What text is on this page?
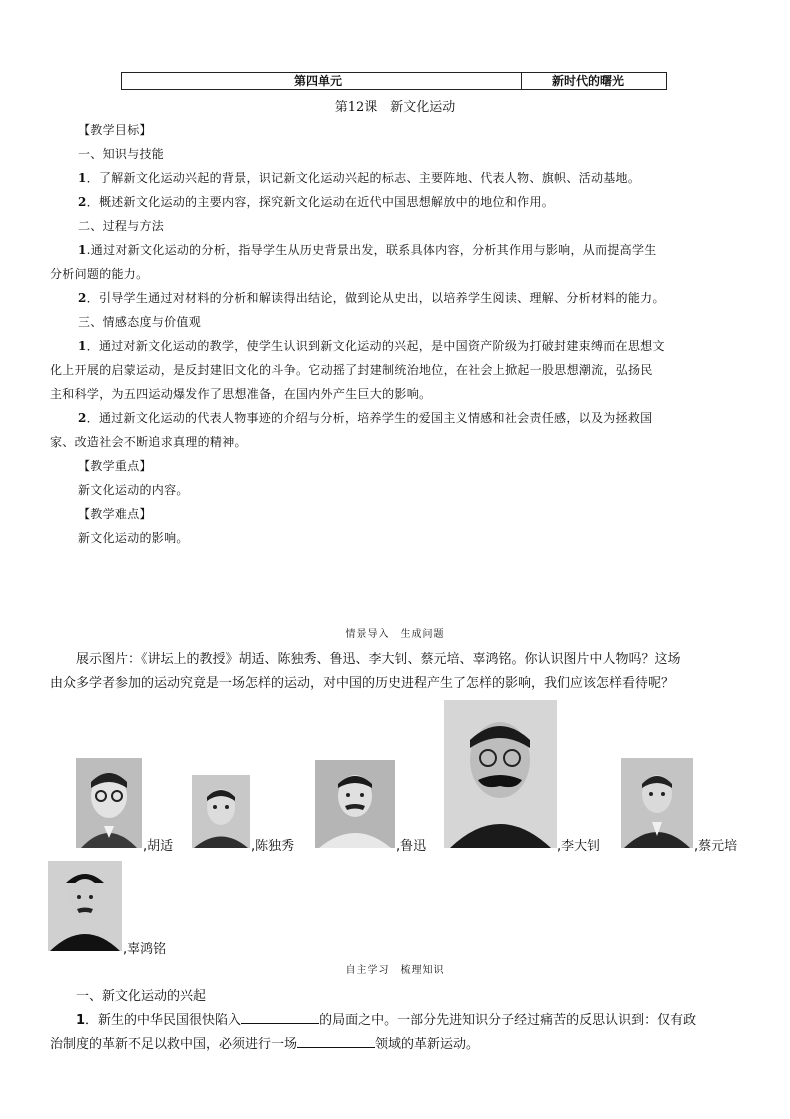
第四单元	新时代的曙光
第12课　新文化运动
【教学目标】
一、知识与技能
1．了解新文化运动兴起的背景，识记新文化运动兴起的标志、主要阵地、代表人物、旗帜、活动基地。
2．概述新文化运动的主要内容，探究新文化运动在近代中国思想解放中的地位和作用。
二、过程与方法
1.通过对新文化运动的分析，指导学生从历史背景出发，联系具体内容，分析其作用与影响，从而提高学生
分析问题的能力。
2．引导学生通过对材料的分析和解读得出结论，做到论从史出，以培养学生阅读、理解、分析材料的能力。
三、情感态度与价值观
1．通过对新文化运动的教学，使学生认识到新文化运动的兴起，是中国资产阶级为打破封建束缚而在思想文
化上开展的启蒙运动，是反封建旧文化的斗争。它动摇了封建制统治地位，在社会上掀起一股思想潮流，弘扬民
主和科学，为五四运动爆发作了思想准备，在国内外产生巨大的影响。
2．通过新文化运动的代表人物事迹的介绍与分析，培养学生的爱国主义情感和社会责任感，以及为拯救国
家、改造社会不断追求真理的精神。
【教学重点】
新文化运动的内容。
【教学难点】
新文化运动的影响。
情景导入　生成问题
展示图片：《讲坛上的教授》胡适、陈独秀、鲁迅、李大钊、蔡元培、辜鸿铭。你认识图片中人物吗？这场
由众多学者参加的运动究竟是一场怎样的运动，对中国的历史进程产生了怎样的影响，我们应该怎样看待呢？
,胡适	,陈独秀	,鲁迅	,李大钊	,蔡元培
,辜鸿铭
自主学习　梳理知识
一、新文化运动的兴起
1．新生的中华民国很快陷入	的局面之中。一部分先进知识分子经过痛苦的反思认识到：仅有政
治制度的革新不足以救中国，必须进行一场	领域的革新运动。
